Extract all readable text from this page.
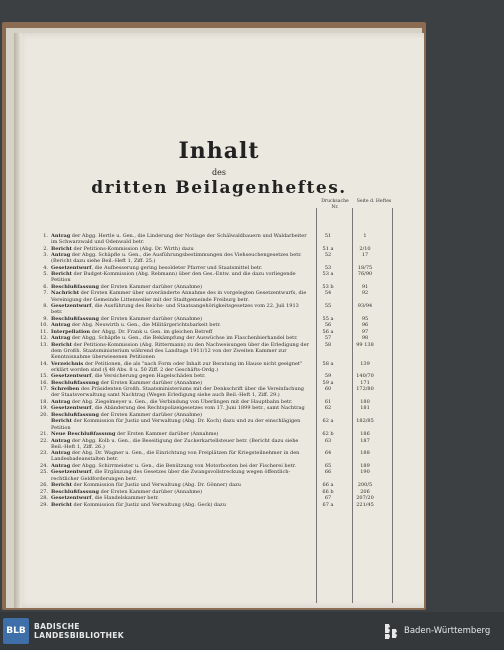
Inhalt
des
dritten Beilagenheftes.
Drucksache Nr.
Seite d. Heftes
1. Antrag der Abgg. Hertle u. Gen., die Linderung der Notlage der Schälwaldbauern und Waldarbeiter im Schwarzwald und Odenwald betr.
51	1
2. Bericht der Petitions-Kommission (Abg. Dr. Wirth) dazu	51 a	2/10
3. Antrag der Abgg. Schäpfle u. Gen., die Ausführungsbestimmungen des Viehseuchengesetzes betr. (Bericht dazu siehe Beil.-Heft 1, Ziff. 25.)
52	17
4. Gesetzentwurf, die Aufbesserung gering besoldeter Pfarrer und Staatsmittel betr.	53	18/75
5. Bericht der Budget-Kommission (Abg. Rebmann) über den Ges.-Entw. und die dazu vorliegende Petition
53 a	76/90
6. Beschlußfassung der Ersten Kammer darüber (Annahme)	53 b	91
7. Nachricht der Ersten Kammer über unveränderte Annahme des in vorgelegten Gesetzentwurfs, die Vereinigung der Gemeinde Littenweiler mit der Stadtgemeinde Freiburg betr.
54	92
8. Gesetzentwurf, die Ausführung des Reichs- und Staatsangehörigkeitsgesetzes vom 22. Juli 1913 betr.
55	93/94
9. Beschlußfassung der Ersten Kammer darüber (Annahme)	55 a	95
10. Antrag der Abg. Neuwirth u. Gen., die Militärgerichtsbarkeit betr.	56	96
11. Interpellation der Abgg. Dr. Frank u. Gen. im gleichen Betreff	56 a	97
12. Antrag der Abgg. Schäpfle u. Gen., die Bekämpfung der Auswüchse im Flaschenbierhandel betr.	57	98
13. Bericht der Petitions-Kommission (Abg. Rittermann) zu den Nachweisungen über die Erledigung der dem Großh. Staatsministerium während des Landtags 1911/12 von der Zweiten Kammer zur Kenntnisnahme überwiesenen Petitionen
58	99 138
14. Verzeichnis der Petitionen, die als "nach Form oder Inhalt zur Beratung im Hause nicht geeignet" erklärt worden sind (§ 48 Abs. 8 u. 50 Ziff. 2 der Geschäfts-Ordg.)
58 a	139
15. Gesetzentwurf, die Versicherung gegen Hagelschäden betr.	59	140/70
16. Beschlußfassung der Ersten Kammer darüber (Annahme)	59 a	171
17. Schreiben des Präsidenten Großh. Staatsministeriums mit der Denkschrift über die Vereinfachung der Staatsverwaltung samt Nachtrag (Wegen Erledigung siehe auch Beil.-Heft 1, Ziff. 29.)
60	172/80
18. Antrag der Abg. Ziegelmeyer u. Gen., die Verbindung von Überlingen mit der Hauptbahn betr.	61	180
19. Gesetzentwurf, die Abänderung des Rechtspolizeigesetzes vom 17. Juni 1899 betr., samt Nachtrag	62	181
20. Beschlußfassung der Ersten Kammer darüber (Annahme)
Bericht der Kommission für Justiz und Verwaltung (Abg. Dr. Koch) dazu und zu der einschlägigen Petition
62 a	182/85
21. Neue Beschlußfassung der Ersten Kammer darüber (Annahme)	62 b	186
22. Antrag der Abgg. Kolb u. Gen., die Beseitigung der Zuckerkartellsteuer betr. (Bericht dazu siehe Beil.-Heft 1, Ziff. 26.)
63	187
23. Antrag der Abg. Dr. Wagner u. Gen., die Einrichtung von Freiplätzen für Kriegsteilnehmer in den Landesbadeanstalten betr.
64	188
24. Antrag der Abgg. Schirrmeister u. Gen., die Benützung von Motorbooten bei der Fischerei betr.	65	189
25. Gesetzentwurf, die Ergänzung des Gesetzes über die Zwangsvollstreckung wegen öffentlich-rechtlicher Geldforderungen betr.
66	190
26. Bericht der Kommission für Justiz und Verwaltung (Abg. Dr. Gönner) dazu	66 a	200/5
27. Beschlußfassung der Ersten Kammer darüber (Annahme)	66 b	206
28. Gesetzentwurf, die Handelskammer betr.	67	207/20
29. Bericht der Kommission für Justiz und Verwaltung (Abg. Geck) dazu	67 a	221/45
BLB	BADISCHE
LANDESBIBLIOTHEK	Baden-Württemberg
